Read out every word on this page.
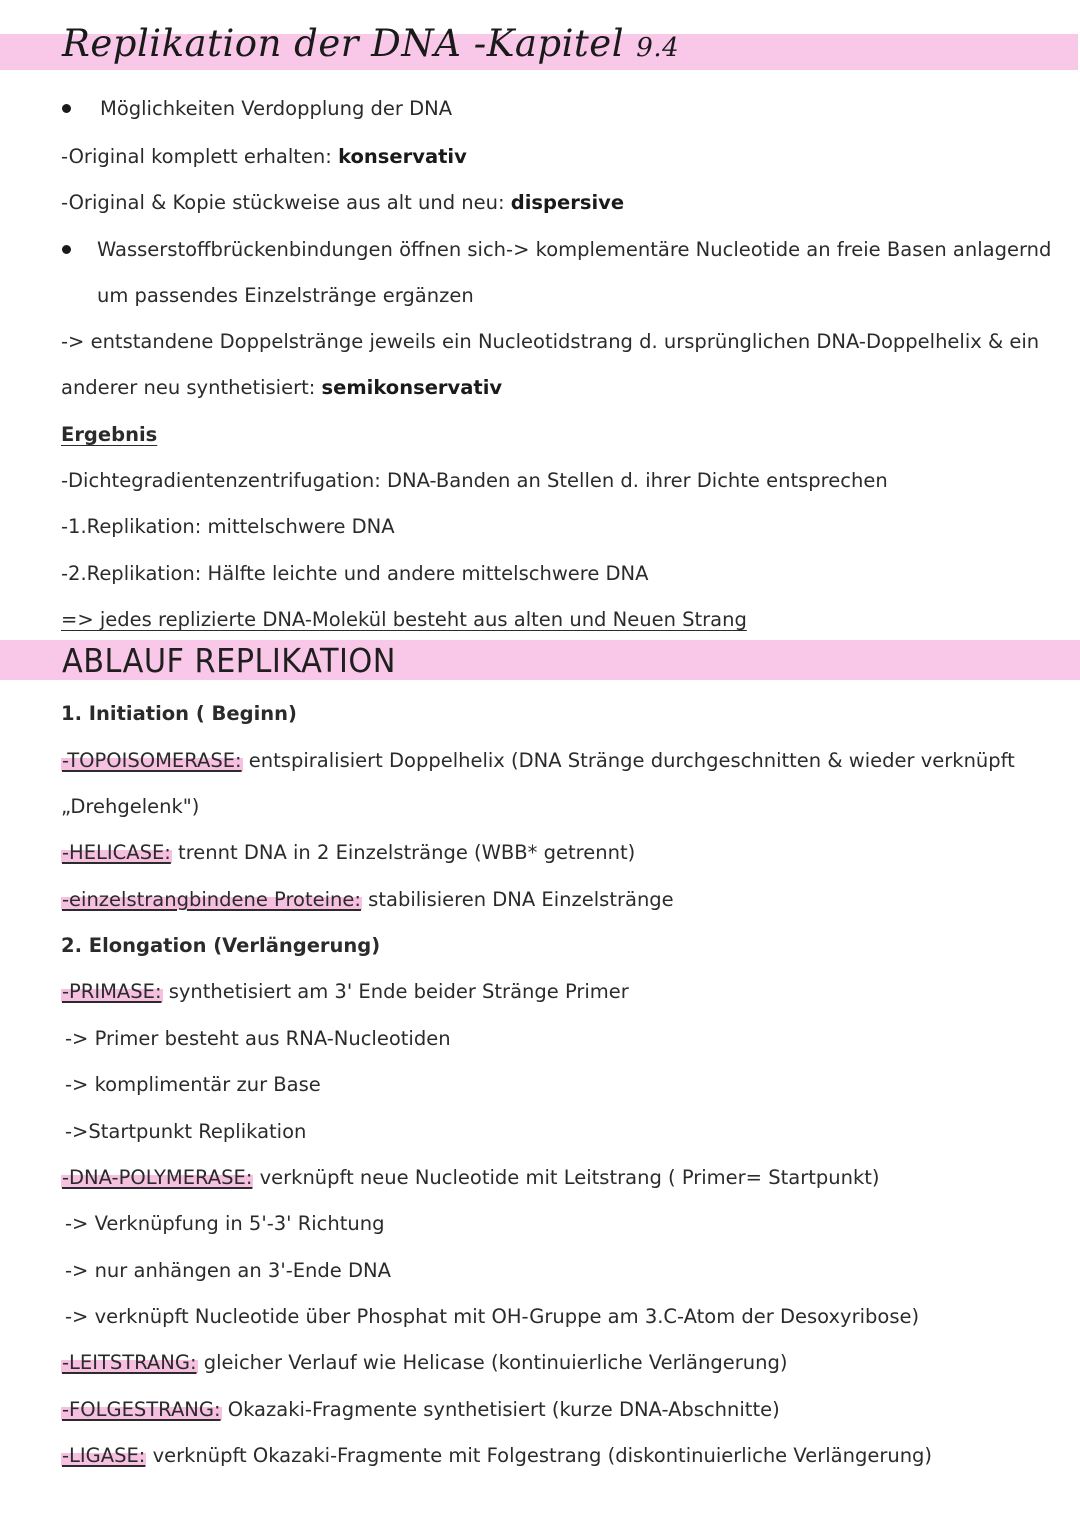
Replikation der DNA -Kapitel 9.4
Möglichkeiten Verdopplung der DNA
-Original komplett erhalten: konservativ
-Original & Kopie stückweise aus alt und neu: dispersive
Wasserstoffbrückenbindungen öffnen sich-> komplementäre Nucleotide an freie Basen anlagernd
um passendes Einzelstränge ergänzen
-> entstandene Doppelstränge jeweils ein Nucleotidstrang d. ursprünglichen DNA-Doppelhelix & ein
anderer neu synthetisiert: semikonservativ
Ergebnis
-Dichtegradientenzentrifugation: DNA-Banden an Stellen d. ihrer Dichte entsprechen
-1.Replikation: mittelschwere DNA
-2.Replikation: Hälfte leichte und andere mittelschwere DNA
=> jedes replizierte DNA-Molekül besteht aus alten und Neuen Strang
ABLAUF REPLIKATION
1. Initiation ( Beginn)
-TOPOISOMERASE: entspiralisiert Doppelhelix (DNA Stränge durchgeschnitten & wieder verknüpft
„Drehgelenk")
-HELICASE: trennt DNA in 2 Einzelstränge (WBB* getrennt)
-einzelstrangbindene Proteine: stabilisieren DNA Einzelstränge
2. Elongation (Verlängerung)
-PRIMASE: synthetisiert am 3' Ende beider Stränge Primer
-> Primer besteht aus RNA-Nucleotiden
-> komplimentär zur Base
->Startpunkt Replikation
-DNA-POLYMERASE: verknüpft neue Nucleotide mit Leitstrang ( Primer= Startpunkt)
-> Verknüpfung in 5'-3' Richtung
-> nur anhängen an 3'-Ende DNA
-> verknüpft Nucleotide über Phosphat mit OH-Gruppe am 3.C-Atom der Desoxyribose)
-LEITSTRANG: gleicher Verlauf wie Helicase (kontinuierliche Verlängerung)
-FOLGESTRANG: Okazaki-Fragmente synthetisiert (kurze DNA-Abschnitte)
-LIGASE: verknüpft Okazaki-Fragmente mit Folgestrang (diskontinuierliche Verlängerung)
